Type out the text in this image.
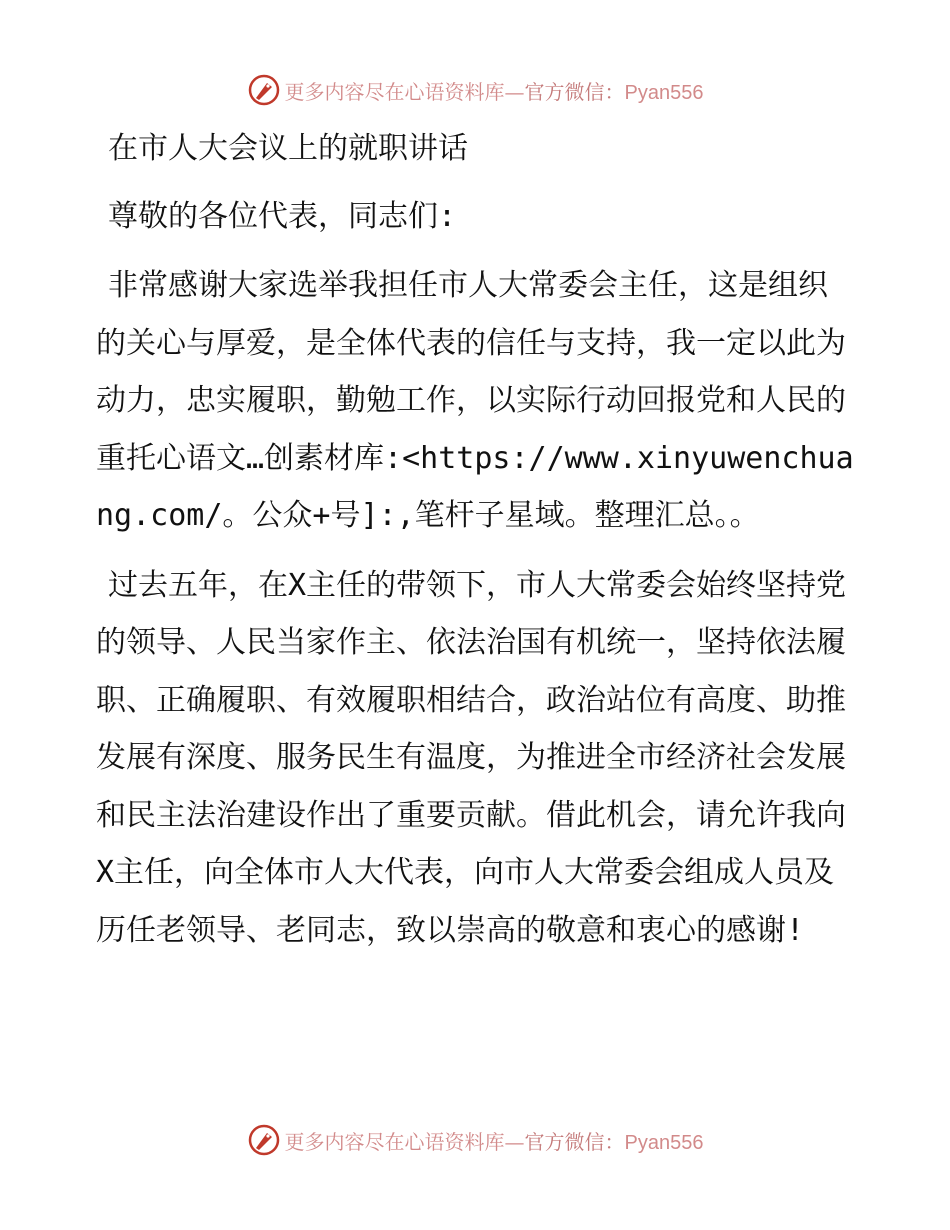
更多内容尽在心语资料库—官方微信：Pyan556

在市人大会议上的就职讲话

尊敬的各位代表，同志们:

非常感谢大家选举我担任市人大常委会主任，这是组织的关心与厚爱，是全体代表的信任与支持，我一定以此为动力，忠实履职，勤勉工作，以实际行动回报党和人民的重托心语文…创素材库:<https://www.xinyuwenchuang.com/。公众+号]:,笔杆子星域。整理汇总。。

过去五年，在X主任的带领下，市人大常委会始终坚持党的领导、人民当家作主、依法治国有机统一，坚持依法履职、正确履职、有效履职相结合，政治站位有高度、助推发展有深度、服务民生有温度，为推进全市经济社会发展和民主法治建设作出了重要贡献。借此机会，请允许我向X主任，向全体市人大代表，向市人大常委会组成人员及历任老领导、老同志，致以崇高的敬意和衷心的感谢!

更多内容尽在心语资料库—官方微信：Pyan556
